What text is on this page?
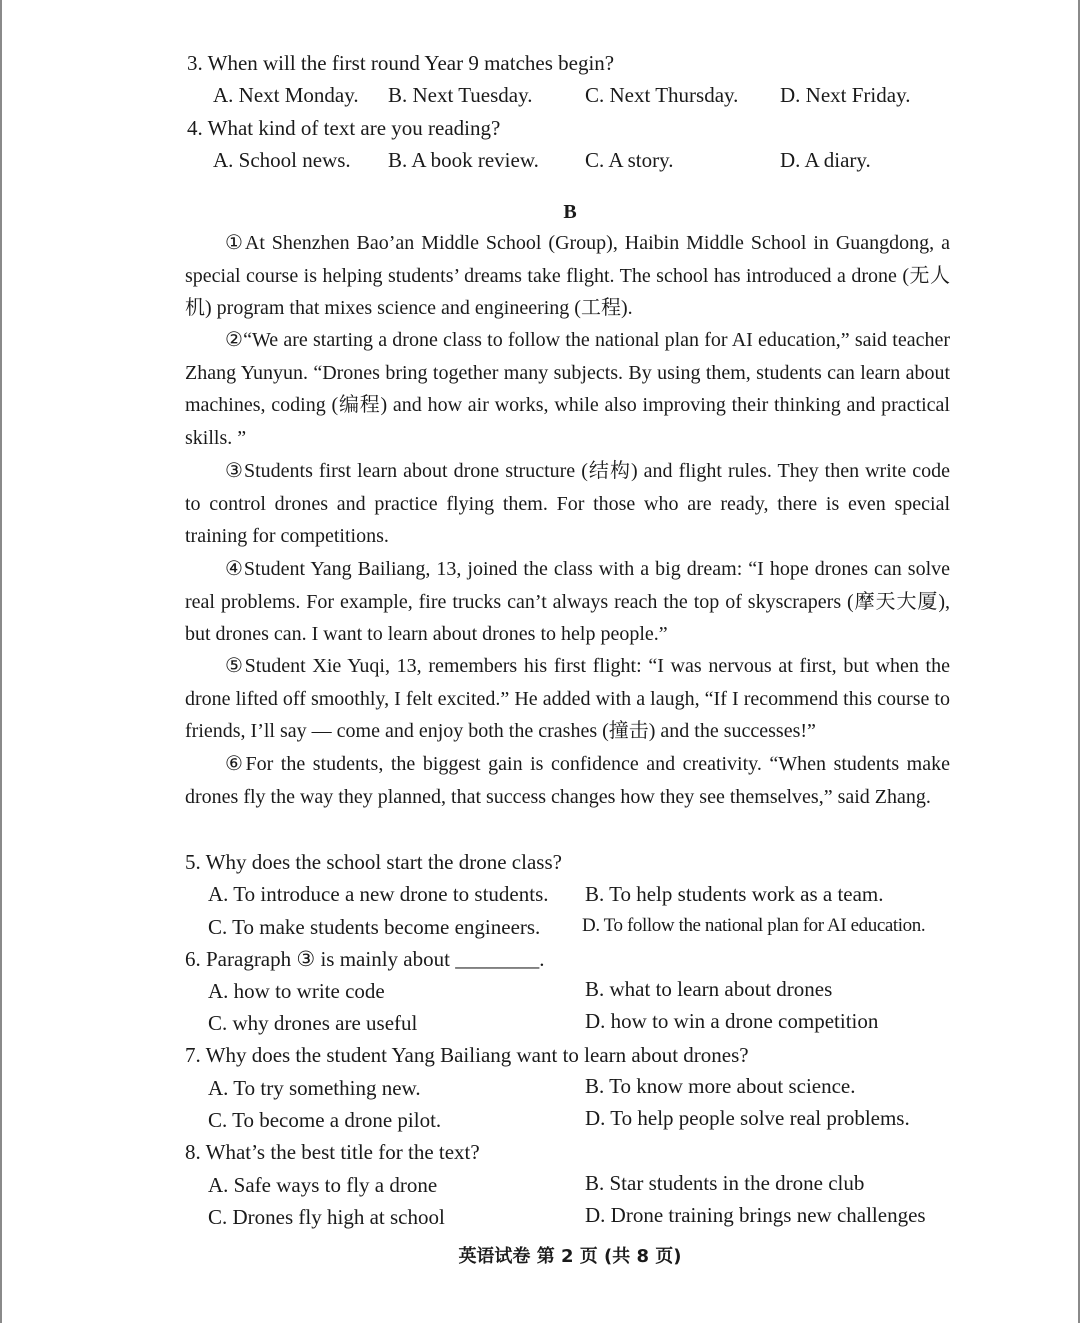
3. When will the first round Year 9 matches begin?
A. Next Monday. B. Next Tuesday.	C. Next Thursday. D. Next Friday.
4. What kind of text are you reading?
A. School news. B. A book review. C. A story.	D. A diary.
B
①At Shenzhen Bao’an Middle School (Group), Haibin Middle School in Guangdong, a special course is helping students’ dreams take flight. The school has introduced a drone (无人机) program that mixes science and engineering (工程).
②“We are starting a drone class to follow the national plan for AI education,” said teacher Zhang Yunyun. “Drones bring together many subjects. By using them, students can learn about machines, coding (编程) and how air works, while also improving their thinking and practical skills. ”
③Students first learn about drone structure (结构) and flight rules. They then write code to control drones and practice flying them. For those who are ready, there is even special training for competitions.
④Student Yang Bailiang, 13, joined the class with a big dream: “I hope drones can solve real problems. For example, fire trucks can’t always reach the top of skyscrapers (摩天大厦), but drones can. I want to learn about drones to help people.”
⑤Student Xie Yuqi, 13, remembers his first flight: “I was nervous at first, but when the drone lifted off smoothly, I felt excited.” He added with a laugh, “If I recommend this course to friends, I’ll say — come and enjoy both the crashes (撞击) and the successes!”
⑥For the students, the biggest gain is confidence and creativity. “When students make drones fly the way they planned, that success changes how they see themselves,” said Zhang.
5. Why does the school start the drone class?
A. To introduce a new drone to students. B. To help students work as a team.
C. To make students become engineers. D. To follow the national plan for AI education.
6. Paragraph ③ is mainly about ________.
A. how to write code	B. what to learn about drones
C. why drones are useful	D. how to win a drone competition
7. Why does the student Yang Bailiang want to learn about drones?
A. To try something new.	B. To know more about science.
C. To become a drone pilot.	D. To help people solve real problems.
8. What’s the best title for the text?
A. Safe ways to fly a drone	B. Star students in the drone club
C. Drones fly high at school	D. Drone training brings new challenges
英语试卷 第 2 页 (共 8 页)
